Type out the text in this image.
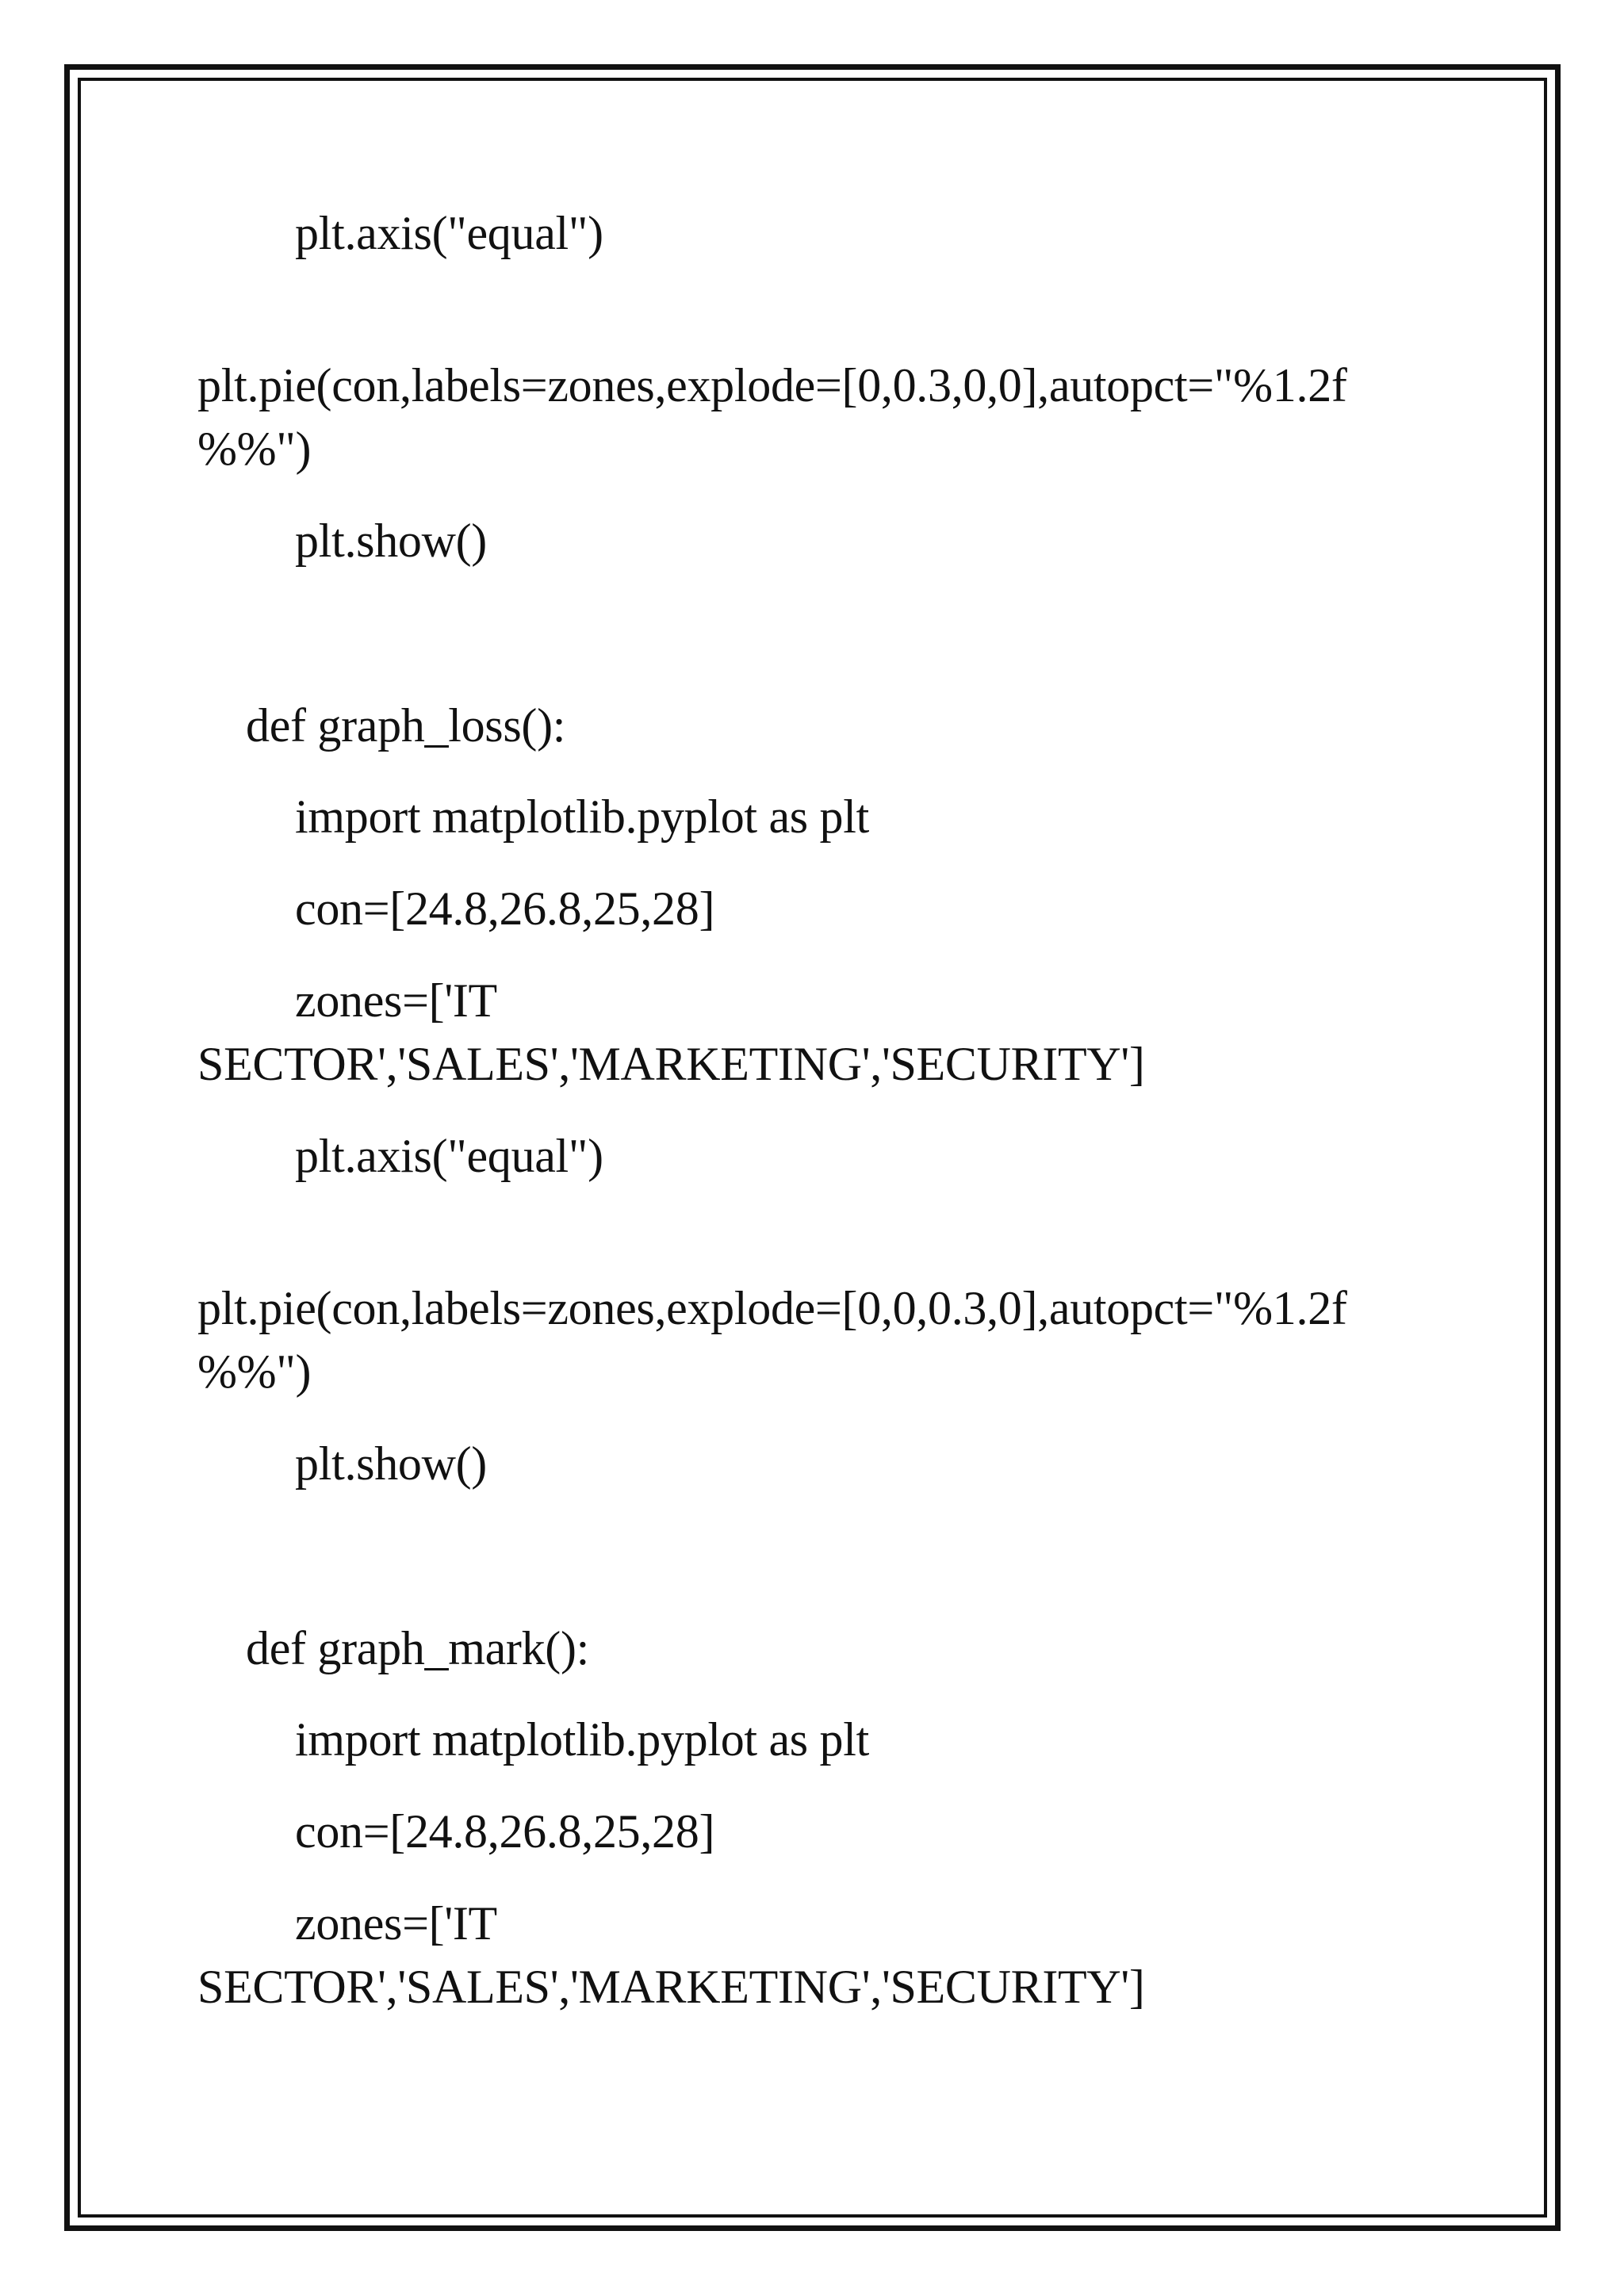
plt.axis("equal")
plt.pie(con,labels=zones,explode=[0,0.3,0,0],autopct="%1.2f
%%")
plt.show()
def graph_loss():
import matplotlib.pyplot as plt
con=[24.8,26.8,25,28]
zones=['IT
SECTOR','SALES','MARKETING','SECURITY']
plt.axis("equal")
plt.pie(con,labels=zones,explode=[0,0,0.3,0],autopct="%1.2f
%%")
plt.show()
def graph_mark():
import matplotlib.pyplot as plt
con=[24.8,26.8,25,28]
zones=['IT
SECTOR','SALES','MARKETING','SECURITY']
